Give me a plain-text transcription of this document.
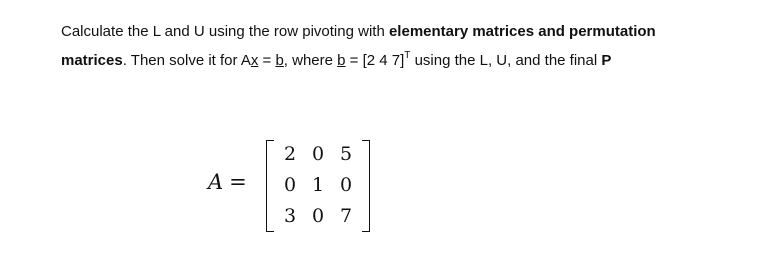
Calculate the L and U using the row pivoting with elementary matrices and permutation
matrices. Then solve it for Ax = b, where b = [2 4 7]$^T$ using the L, U, and the final P
A =
2 0 5
0 1 0
3 0 7
